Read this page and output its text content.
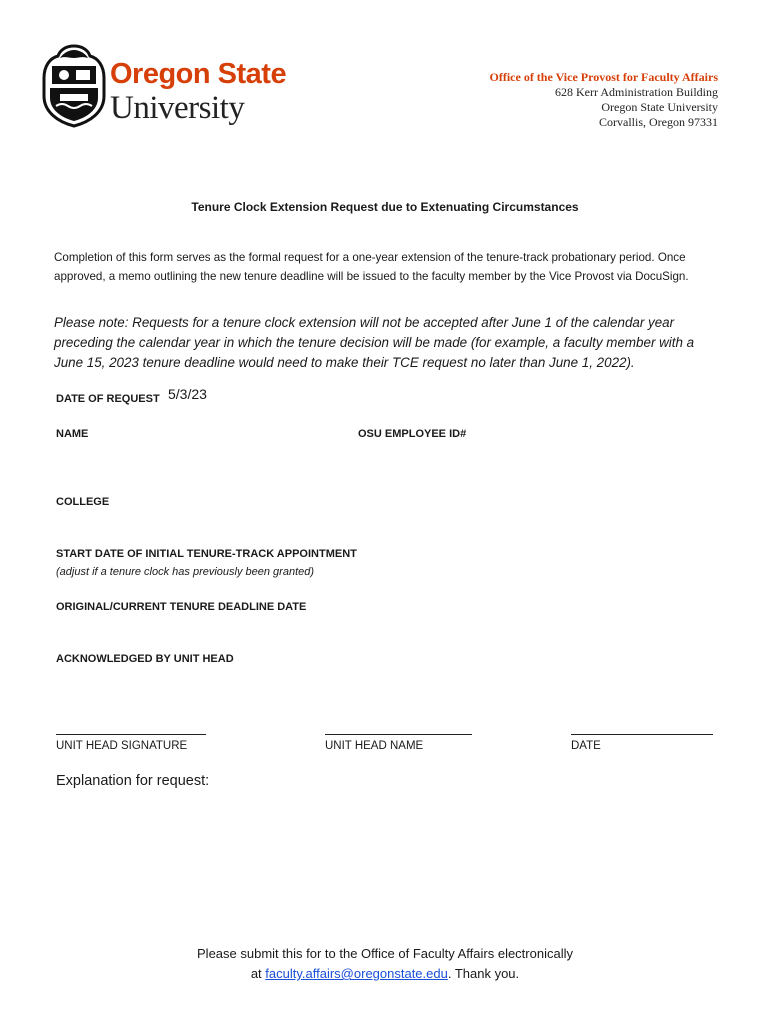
Oregon State
University
Office of the Vice Provost for Faculty Affairs
628 Kerr Administration Building
Oregon State University
Corvallis, Oregon 97331
Tenure Clock Extension Request due to Extenuating Circumstances
Completion of this form serves as the formal request for a one-year extension of the tenure-track probationary period. Once approved, a memo outlining the new tenure deadline will be issued to the faculty member by the Vice Provost via DocuSign.
Please note: Requests for a tenure clock extension will not be accepted after June 1 of the calendar year preceding the calendar year in which the tenure decision will be made (for example, a faculty member with a June 15, 2023 tenure deadline would need to make their TCE request no later than June 1, 2022).
DATE OF REQUEST 5/3/23
NAME	OSU EMPLOYEE ID#
COLLEGE
START DATE OF INITIAL TENURE-TRACK APPOINTMENT
(adjust if a tenure clock has previously been granted)
ORIGINAL/CURRENT TENURE DEADLINE DATE
ACKNOWLEDGED BY UNIT HEAD
UNIT HEAD SIGNATURE	UNIT HEAD NAME	DATE
Explanation for request:
Please submit this for to the Office of Faculty Affairs electronically
at faculty.affairs@oregonstate.edu. Thank you.
